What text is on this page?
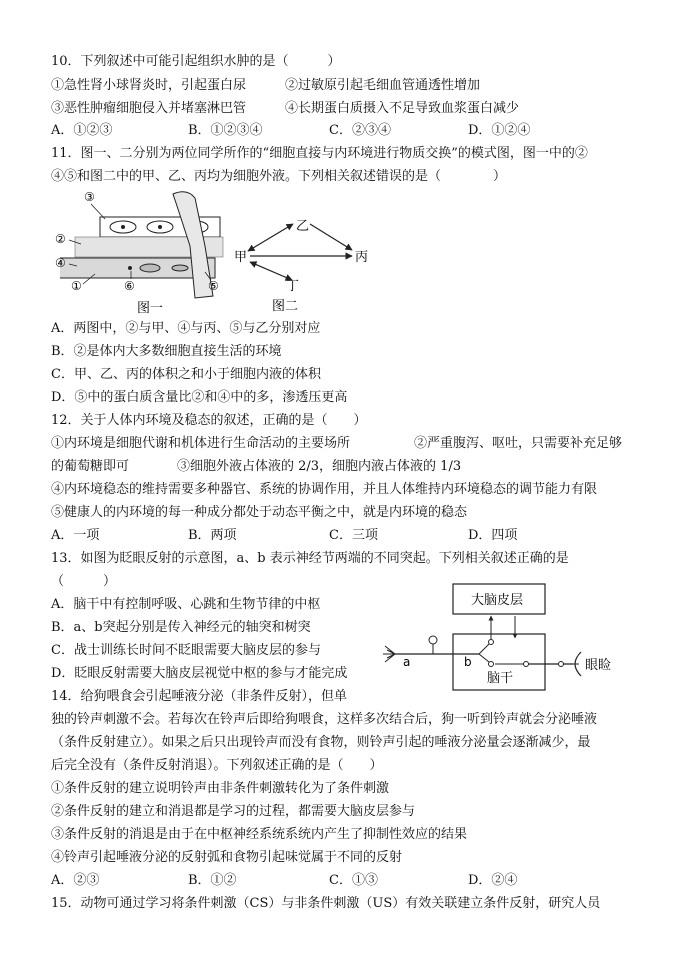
10．下列叙述中可能引起组织水肿的是（　　　）
①急性肾小球肾炎时，引起蛋白尿	②过敏原引起毛细血管通透性增加
③恶性肿瘤细胞侵入并堵塞淋巴管	④长期蛋白质摄入不足导致血浆蛋白减少
A．①②③	B．①②③④	C．②③④	D．①②④
11．图一、二分别为两位同学所作的“细胞直接与内环境进行物质交换”的模式图，图一中的②
④⑤和图二中的甲、乙、丙均为细胞外液。下列相关叙述错误的是（　　　　）
③
②
④
①	⑥	⑤
图一
甲
乙
丙
丁
图二
A．两图中，②与甲、④与丙、⑤与乙分别对应
B．②是体内大多数细胞直接生活的环境
C．甲、乙、丙的体积之和小于细胞内液的体积
D．⑤中的蛋白质含量比②和④中的多，渗透压更高
12．关于人体内环境及稳态的叙述，正确的是（　　）
①内环境是细胞代谢和机体进行生命活动的主要场所	②严重腹泻、呕吐，只需要补充足够
的葡萄糖即可	③细胞外液占体液的 2/3，细胞内液占体液的 1/3
④内环境稳态的维持需要多种器官、系统的协调作用，并且人体维持内环境稳态的调节能力有限
⑤健康人的内环境的每一种成分都处于动态平衡之中，就是内环境的稳态
A．一项	B．两项	C．三项	D．四项
13．如图为眨眼反射的示意图，a、b 表示神经节两端的不同突起。下列相关叙述正确的是
（　　　）
A．脑干中有控制呼吸、心跳和生物节律的中枢
B．a、b突起分别是传入神经元的轴突和树突
C．战士训练长时间不眨眼需要大脑皮层的参与
D．眨眼反射需要大脑皮层视觉中枢的参与才能完成
大脑皮层
脑干
a	b	眼睑
14．给狗喂食会引起唾液分泌（非条件反射），但单
独的铃声刺激不会。若每次在铃声后即给狗喂食，这样多次结合后，狗一听到铃声就会分泌唾液
（条件反射建立）。如果之后只出现铃声而没有食物，则铃声引起的唾液分泌量会逐渐减少，最
后完全没有（条件反射消退）。下列叙述正确的是（　　）
①条件反射的建立说明铃声由非条件刺激转化为了条件刺激
②条件反射的建立和消退都是学习的过程，都需要大脑皮层参与
③条件反射的消退是由于在中枢神经系统系统内产生了抑制性效应的结果
④铃声引起唾液分泌的反射弧和食物引起味觉属于不同的反射
A．②③	B．①②	C．①③	D．②④
15．动物可通过学习将条件刺激（CS）与非条件刺激（US）有效关联建立条件反射，研究人员
